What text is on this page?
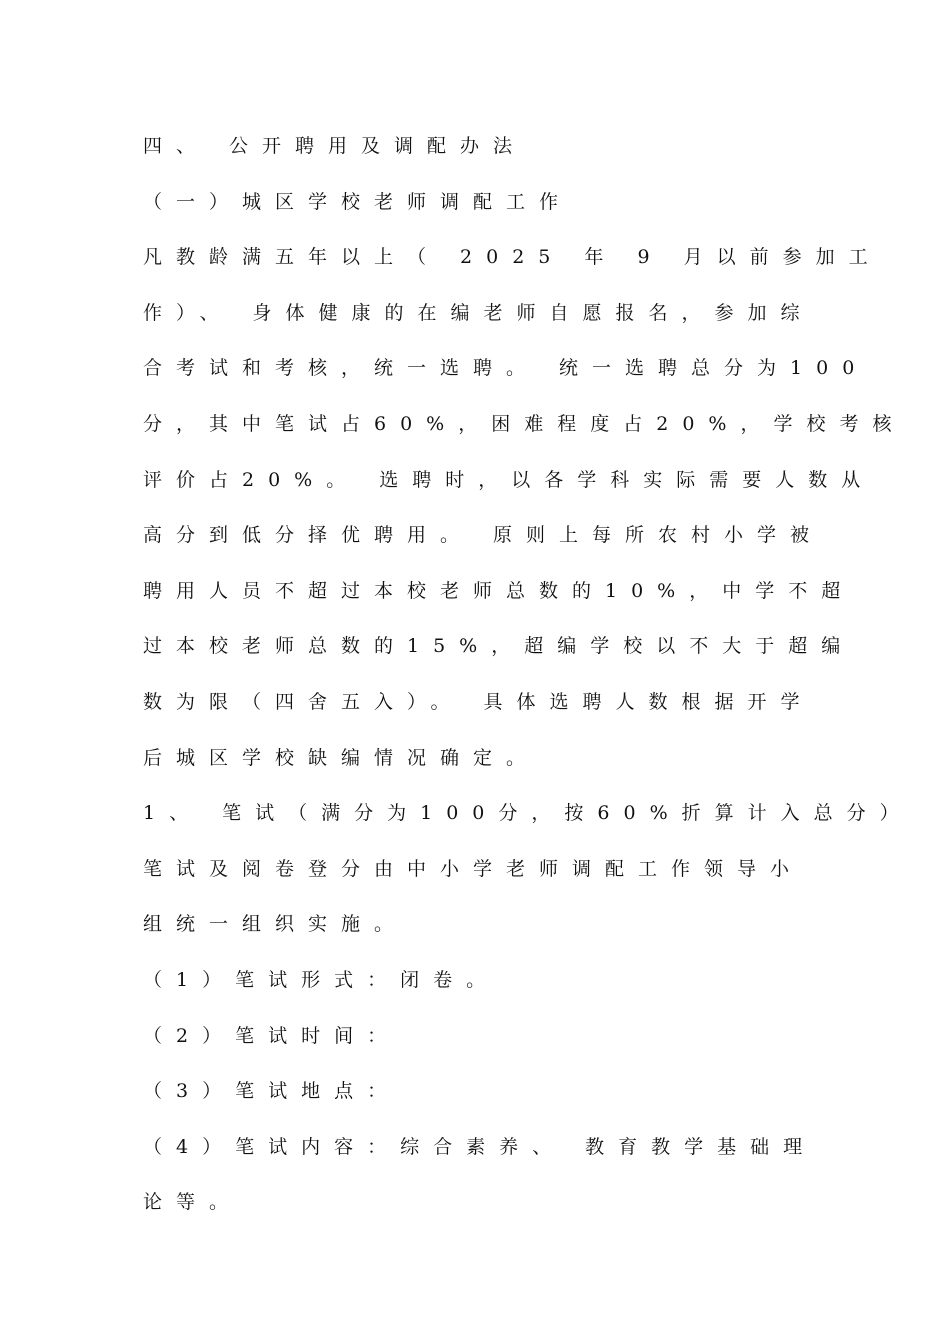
四、 公开聘用及调配办法
（一）城区学校老师调配工作
凡教龄满五年以上（ 2025 年 9 月以前参加工
作）、 身体健康的在编老师自愿报名，参加综
合考试和考核，统一选聘。 统一选聘总分为100
分，其中笔试占60%，困难程度占20%，学校考核
评价占20%。 选聘时，以各学科实际需要人数从
高分到低分择优聘用。 原则上每所农村小学被
聘用人员不超过本校老师总数的10%，中学不超
过本校老师总数的15%，超编学校以不大于超编
数为限（四舍五入）。 具体选聘人数根据开学
后城区学校缺编情况确定。
1、 笔试（满分为100分，按60%折算计入总分）
笔试及阅卷登分由中小学老师调配工作领导小
组统一组织实施。
（1）笔试形式：闭卷。
（2）笔试时间：
（3）笔试地点：
（4）笔试内容：综合素养、 教育教学基础理
论等。
